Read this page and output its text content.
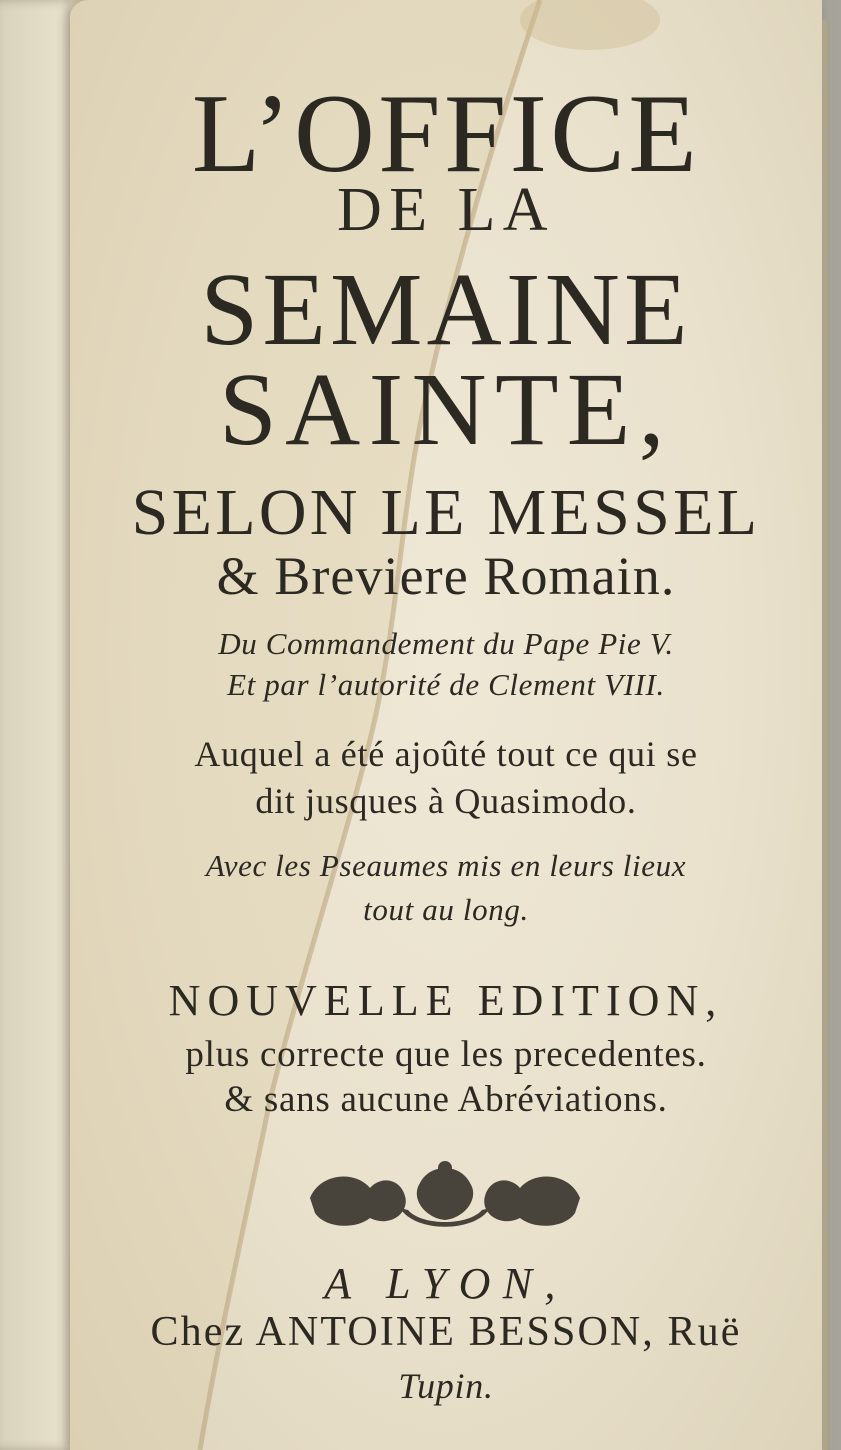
L’OFFICE
DE LA
SEMAINE
SAINTE,
SELON LE MESSEL
& Breviere Romain.
Du Commandement du Pape Pie V.
Et par l’autorité de Clement VIII.
Auquel a été ajoûté tout ce qui se
dit jusques à Quasimodo.
Avec les Pseaumes mis en leurs lieux
tout au long.
NOUVELLE EDITION,
plus correcte que les precedentes.
& sans aucune Abréviations.
A LYON,
Chez ANTOINE BESSON, Ruë
Tupin.
